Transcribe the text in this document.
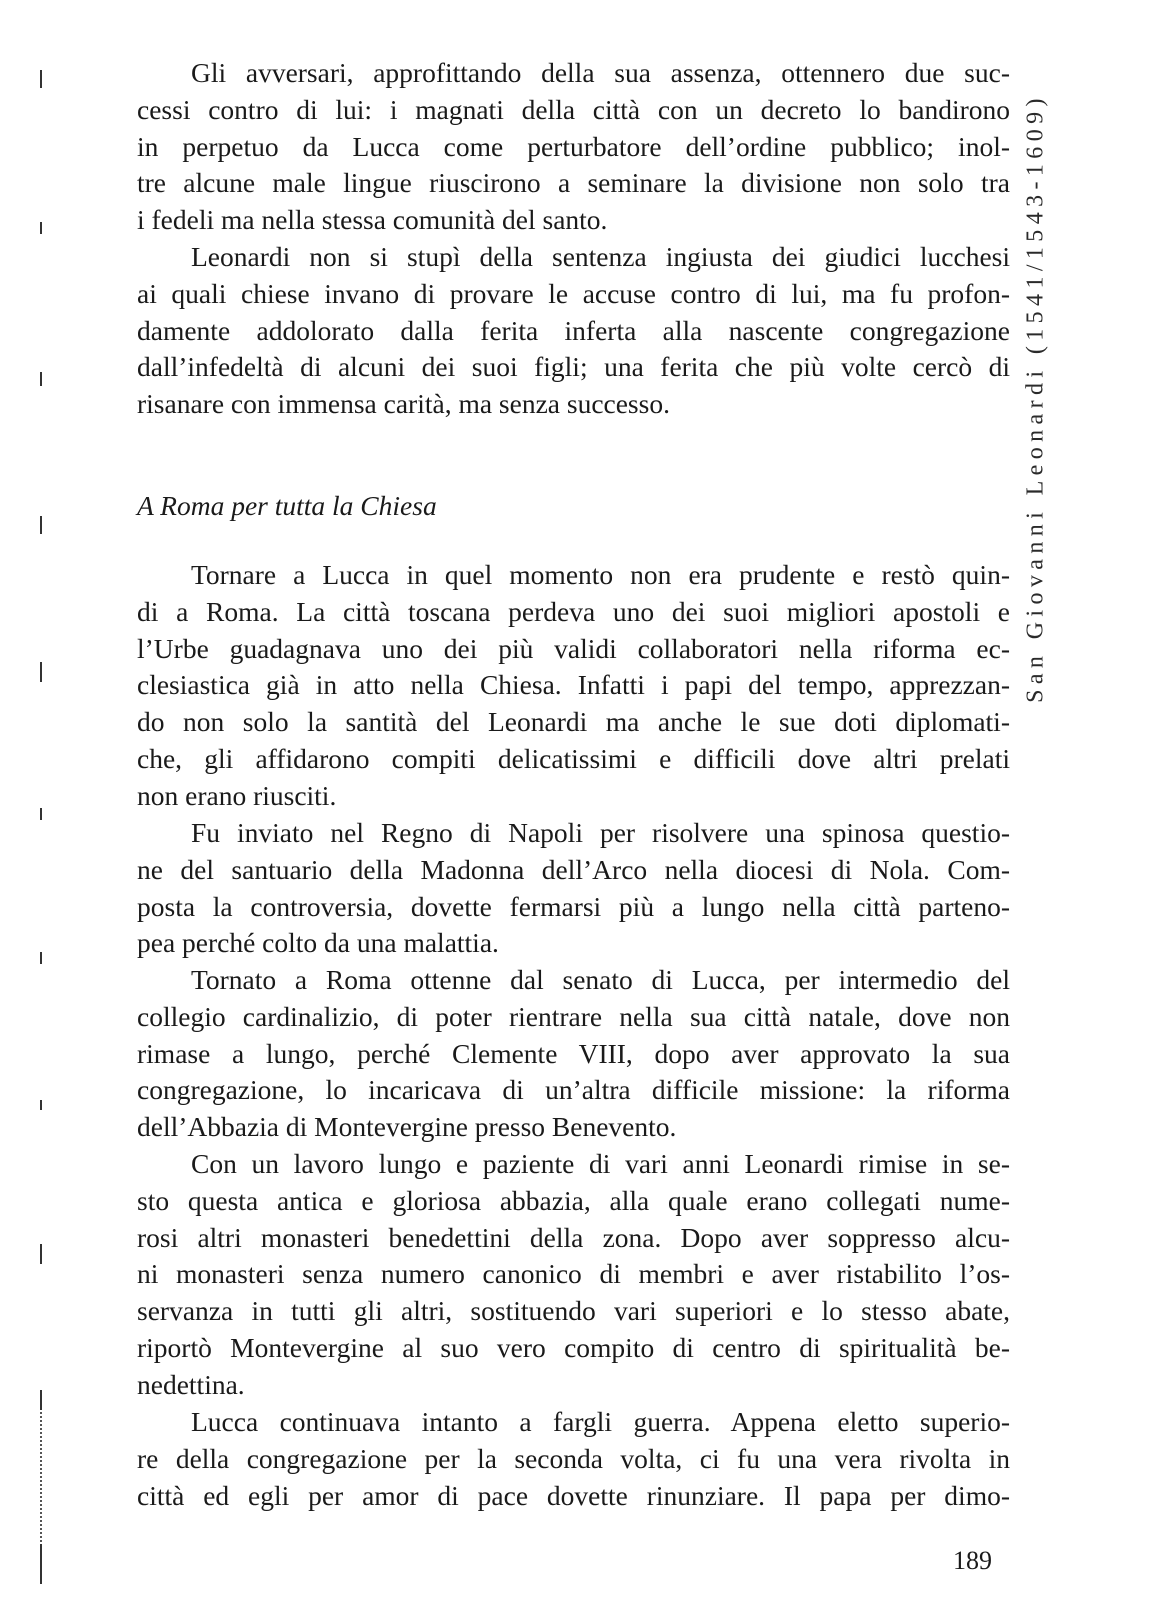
Gli avversari, approfittando della sua assenza, ottennero due suc-
cessi contro di lui: i magnati della città con un decreto lo bandirono
in perpetuo da Lucca come perturbatore dell’ordine pubblico; inol-
tre alcune male lingue riuscirono a seminare la divisione non solo tra
i fedeli ma nella stessa comunità del santo.
Leonardi non si stupì della sentenza ingiusta dei giudici lucchesi
ai quali chiese invano di provare le accuse contro di lui, ma fu profon-
damente addolorato dalla ferita inferta alla nascente congregazione
dall’infedeltà di alcuni dei suoi figli; una ferita che più volte cercò di
risanare con immensa carità, ma senza successo.
A Roma per tutta la Chiesa
Tornare a Lucca in quel momento non era prudente e restò quin-
di a Roma. La città toscana perdeva uno dei suoi migliori apostoli e
l’Urbe guadagnava uno dei più validi collaboratori nella riforma ec-
clesiastica già in atto nella Chiesa. Infatti i papi del tempo, apprezzan-
do non solo la santità del Leonardi ma anche le sue doti diplomati-
che, gli affidarono compiti delicatissimi e difficili dove altri prelati
non erano riusciti.
Fu inviato nel Regno di Napoli per risolvere una spinosa questio-
ne del santuario della Madonna dell’Arco nella diocesi di Nola. Com-
posta la controversia, dovette fermarsi più a lungo nella città parteno-
pea perché colto da una malattia.
Tornato a Roma ottenne dal senato di Lucca, per intermedio del
collegio cardinalizio, di poter rientrare nella sua città natale, dove non
rimase a lungo, perché Clemente VIII, dopo aver approvato la sua
congregazione, lo incaricava di un’altra difficile missione: la riforma
dell’Abbazia di Montevergine presso Benevento.
Con un lavoro lungo e paziente di vari anni Leonardi rimise in se-
sto questa antica e gloriosa abbazia, alla quale erano collegati nume-
rosi altri monasteri benedettini della zona. Dopo aver soppresso alcu-
ni monasteri senza numero canonico di membri e aver ristabilito l’os-
servanza in tutti gli altri, sostituendo vari superiori e lo stesso abate,
riportò Montevergine al suo vero compito di centro di spiritualità be-
nedettina.
Lucca continuava intanto a fargli guerra. Appena eletto superio-
re della congregazione per la seconda volta, ci fu una vera rivolta in
città ed egli per amor di pace dovette rinunziare. Il papa per dimo-
189
San Giovanni Leonardi (1541/1543-1609)
